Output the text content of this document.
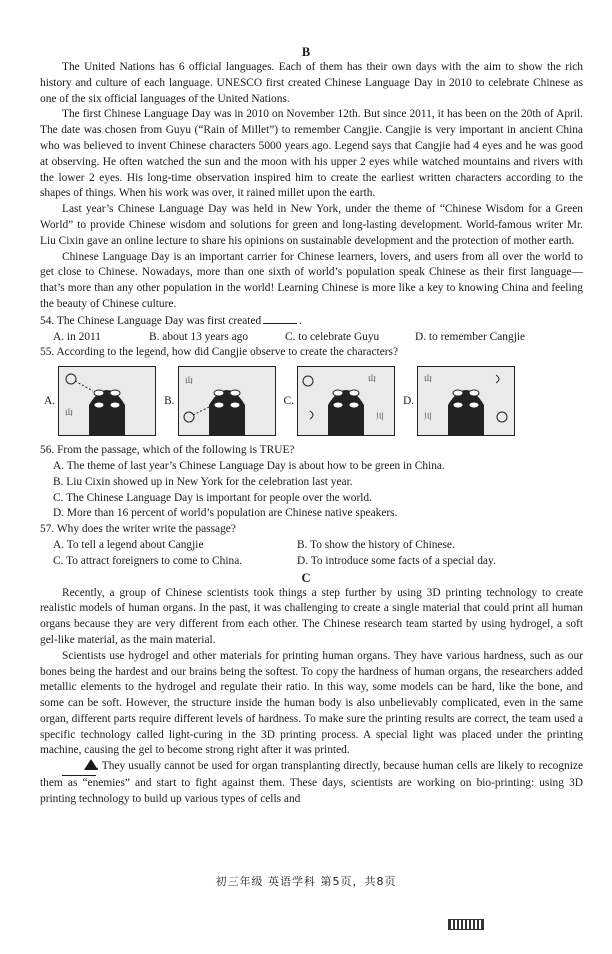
B

The United Nations has 6 official languages. Each of them has their own days with the aim to show the rich history and culture of each language. UNESCO first created Chinese Language Day in 2010 to celebrate Chinese as one of the six official languages of the United Nations.

The first Chinese Language Day was in 2010 on November 12th. But since 2011, it has been on the 20th of April. The date was chosen from Guyu (“Rain of Millet”) to remember Cangjie. Cangjie is very important in ancient China who was believed to invent Chinese characters 5000 years ago. Legend says that Cangjie had 4 eyes and he was good at observing. He often watched the sun and the moon with his upper 2 eyes while watched mountains and rivers with the lower 2 eyes. His long-time observation inspired him to create the earliest written characters according to the shapes of things. When his work was over, it rained millet upon the earth.

Last year’s Chinese Language Day was held in New York, under the theme of “Chinese Wisdom for a Green World” to provide Chinese wisdom and solutions for green and long-lasting development. World-famous writer Mr. Liu Cixin gave an online lecture to share his opinions on sustainable development and the protection of mother earth.

Chinese Language Day is an important carrier for Chinese learners, lovers, and users from all over the world to get close to Chinese. Nowadays, more than one sixth of world’s population speak Chinese as their first language— that’s more than any other population in the world! Learning Chinese is more like a key to knowing China and feeling the beauty of Chinese culture.

54. The Chinese Language Day was first created	.

A. in 2011	B. about 13 years ago	C. to celebrate Guyu	D. to remember Cangjie

55. According to the legend, how did Cangjie observe to create the characters?

A.
山
B.
山
C.
山
川
D.
山
川

56. From the passage, which of the following is TRUE?

A. The theme of last year’s Chinese Language Day is about how to be green in China.

B. Liu Cixin showed up in New York for the celebration last year.

C. The Chinese Language Day is important for people over the world.

D. More than 16 percent of world’s population are Chinese native speakers.

57. Why does the writer write the passage?

A. To tell a legend about Cangjie	B. To show the history of Chinese.
C. To attract foreigners to come to China.	D. To introduce some facts of a special day.

C

Recently, a group of Chinese scientists took things a step further by using 3D printing technology to create realistic models of human organs. In the past, it was challenging to create a single material that could print all human organs because they are very different from each other. The Chinese research team started by using hydrogel, a soft gel-like material, as the main material.

Scientists use hydrogel and other materials for printing human organs. They have various hardness, such as our bones being the hardest and our brains being the softest. To copy the hardness of human organs, the researchers added metallic elements to the hydrogel and regulate their ratio. In this way, some models can be hard, like the bone, and some can be soft. However, the structure inside the human body is also unbelievably complicated, even in the same organ, different parts require different levels of hardness. To make sure the printing results are correct, the team used a specific technology called light-curing in the 3D printing process. A special light was placed under the printing machine, causing the gel to become strong right after it was printed.

. They usually cannot be used for organ transplanting directly, because human cells are likely to recognize them as “enemies” and start to fight against them. These days, scientists are working on bio-printing: using 3D printing technology to build up various types of cells and

初三年级 英语学科 第5页，共8页
